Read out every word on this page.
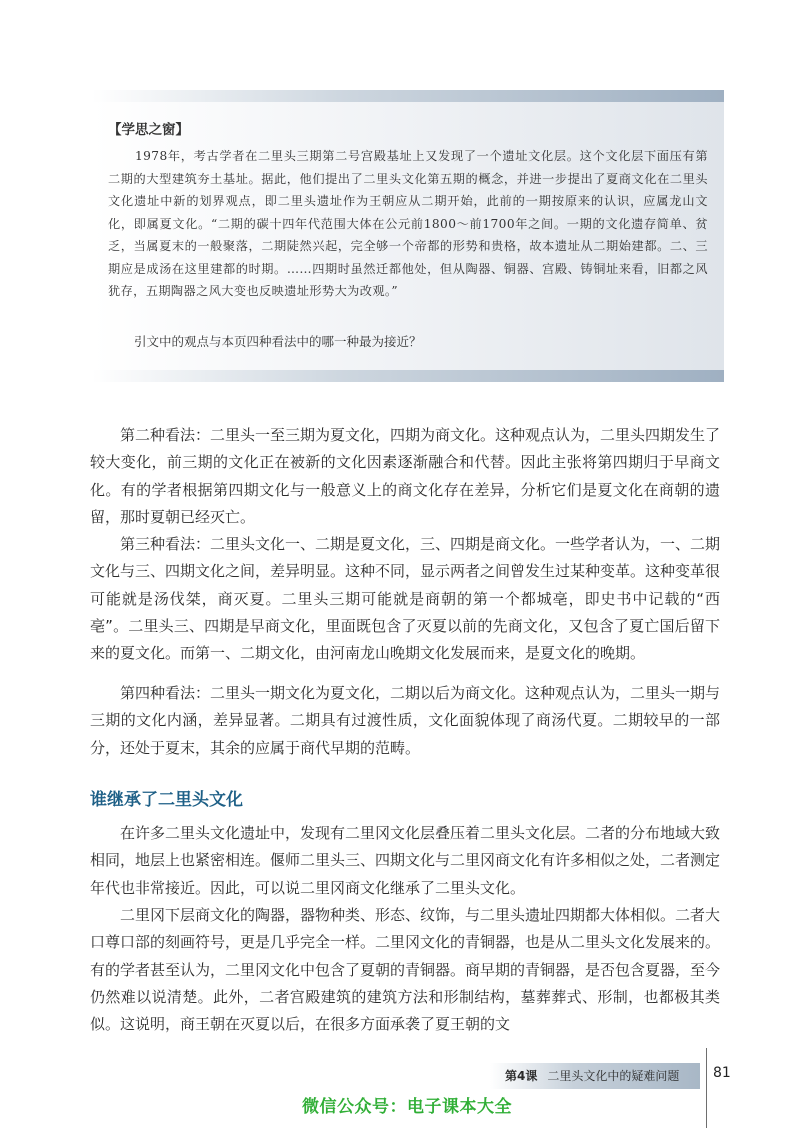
【学思之窗】

1978年，考古学者在二里头三期第二号宫殿基址上又发现了一个遗址文化层。这个文化层下面压有第二期的大型建筑夯土基址。据此，他们提出了二里头文化第五期的概念，并进一步提出了夏商文化在二里头文化遗址中新的划界观点，即二里头遗址作为王朝应从二期开始，此前的一期按原来的认识，应属龙山文化，即属夏文化。“二期的碳十四年代范围大体在公元前1800～前1700年之间。一期的文化遗存简单、贫乏，当属夏末的一般聚落，二期陡然兴起，完全够一个帝都的形势和贵格，故本遗址从二期始建都。二、三期应是成汤在这里建都的时期。……四期时虽然迁都他处，但从陶器、铜器、宫殿、铸铜址来看，旧都之风犹存，五期陶器之风大变也反映遗址形势大为改观。”

引文中的观点与本页四种看法中的哪一种最为接近？

第二种看法：二里头一至三期为夏文化，四期为商文化。这种观点认为，二里头四期发生了较大变化，前三期的文化正在被新的文化因素逐渐融合和代替。因此主张将第四期归于早商文化。有的学者根据第四期文化与一般意义上的商文化存在差异，分析它们是夏文化在商朝的遗留，那时夏朝已经灭亡。

第三种看法：二里头文化一、二期是夏文化，三、四期是商文化。一些学者认为，一、二期文化与三、四期文化之间，差异明显。这种不同，显示两者之间曾发生过某种变革。这种变革很可能就是汤伐桀，商灭夏。二里头三期可能就是商朝的第一个都城亳，即史书中记载的“西亳”。二里头三、四期是早商文化，里面既包含了灭夏以前的先商文化，又包含了夏亡国后留下来的夏文化。而第一、二期文化，由河南龙山晚期文化发展而来，是夏文化的晚期。

第四种看法：二里头一期文化为夏文化，二期以后为商文化。这种观点认为，二里头一期与三期的文化内涵，差异显著。二期具有过渡性质，文化面貌体现了商汤代夏。二期较早的一部分，还处于夏末，其余的应属于商代早期的范畴。

谁继承了二里头文化

在许多二里头文化遗址中，发现有二里冈文化层叠压着二里头文化层。二者的分布地域大致相同，地层上也紧密相连。偃师二里头三、四期文化与二里冈商文化有许多相似之处，二者测定年代也非常接近。因此，可以说二里冈商文化继承了二里头文化。

二里冈下层商文化的陶器，器物种类、形态、纹饰，与二里头遗址四期都大体相似。二者大口尊口部的刻画符号，更是几乎完全一样。二里冈文化的青铜器，也是从二里头文化发展来的。有的学者甚至认为，二里冈文化中包含了夏朝的青铜器。商早期的青铜器，是否包含夏器，至今仍然难以说清楚。此外，二者宫殿建筑的建筑方法和形制结构，墓葬葬式、形制，也都极其类似。这说明，商王朝在灭夏以后，在很多方面承袭了夏王朝的文

第4课 二里头文化中的疑难问题 81
微信公众号：电子课本大全
